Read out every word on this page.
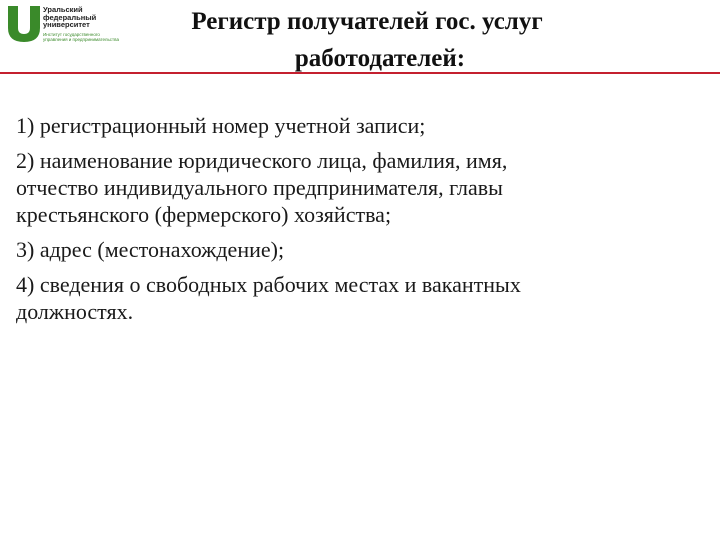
Уральский
федеральный
университет
Институт государственного
управления и предпринимательства
Регистр получателей гос. услуг
работодателей:

1) регистрационный номер учетной записи;

2) наименование юридического лица, фамилия, имя,
отчество индивидуального предпринимателя, главы
крестьянского (фермерского) хозяйства;

3) адрес (местонахождение);

4) сведения о свободных рабочих местах и вакантных
должностях.
